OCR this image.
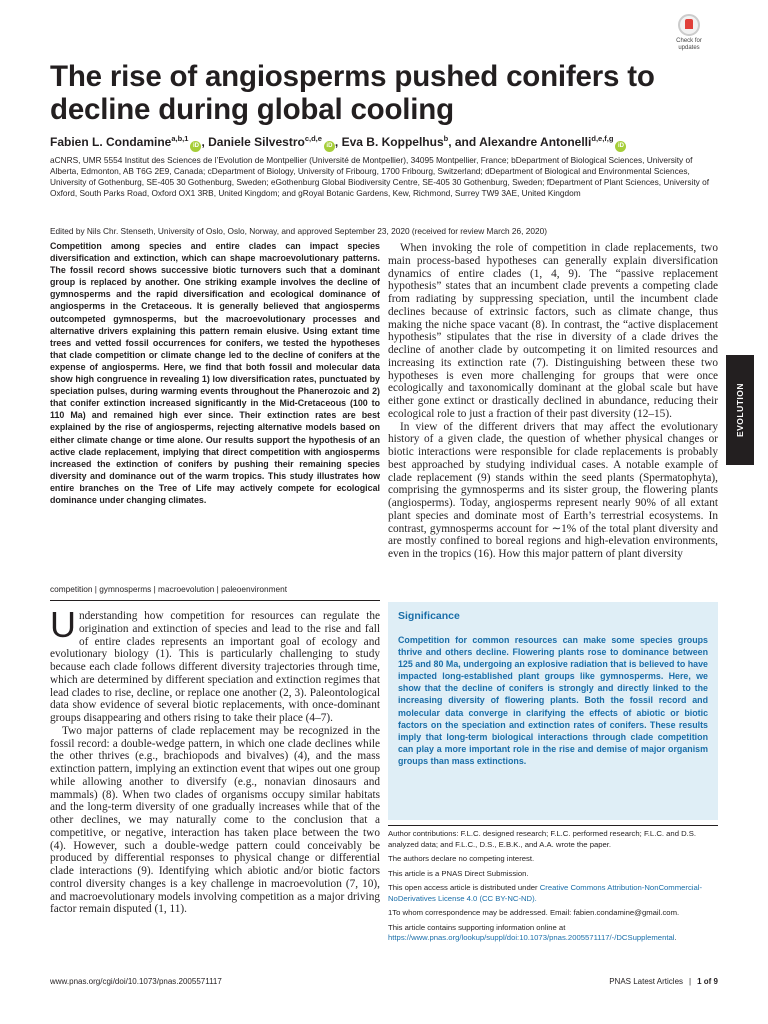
Check for
updates
The rise of angiosperms pushed conifers to decline during global cooling
Fabien L. Condamine$^{a,b,1}$iD , Daniele Silvestro$^{c,d,e}$iD , Eva B. Koppelhus$^b$, and Alexandre Antonelli$^{d,e,f,g}$iD
aCNRS, UMR 5554 Institut des Sciences de l’Evolution de Montpellier (Université de Montpellier), 34095 Montpellier, France; bDepartment of Biological Sciences, University of Alberta, Edmonton, AB T6G 2E9, Canada; cDepartment of Biology, University of Fribourg, 1700 Fribourg, Switzerland; dDepartment of Biological and Environmental Sciences, University of Gothenburg, SE-405 30 Gothenburg, Sweden; eGothenburg Global Biodiversity Centre, SE-405 30 Gothenburg, Sweden; fDepartment of Plant Sciences, University of Oxford, South Parks Road, Oxford OX1 3RB, United Kingdom; and gRoyal Botanic Gardens, Kew, Richmond, Surrey TW9 3AE, United Kingdom
Edited by Nils Chr. Stenseth, University of Oslo, Oslo, Norway, and approved September 23, 2020 (received for review March 26, 2020)
Competition among species and entire clades can impact species diversification and extinction, which can shape macroevolutionary patterns. The fossil record shows successive biotic turnovers such that a dominant group is replaced by another. One striking example involves the decline of gymnosperms and the rapid diversification and ecological dominance of angiosperms in the Cretaceous. It is generally believed that angiosperms outcompeted gymnosperms, but the macroevolutionary processes and alternative drivers explaining this pattern remain elusive. Using extant time trees and vetted fossil occurrences for conifers, we tested the hypotheses that clade competition or climate change led to the decline of conifers at the expense of angiosperms. Here, we find that both fossil and molecular data show high congruence in revealing 1) low diversification rates, punctuated by speciation pulses, during warming events throughout the Phanerozoic and 2) that conifer extinction increased significantly in the Mid-Cretaceous (100 to 110 Ma) and remained high ever since. Their extinction rates are best explained by the rise of angiosperms, rejecting alternative models based on either climate change or time alone. Our results support the hypothesis of an active clade replacement, implying that direct competition with angiosperms increased the extinction of conifers by pushing their remaining species diversity and dominance out of the warm tropics. This study illustrates how entire branches on the Tree of Life may actively compete for ecological dominance under changing climates.
competition | gymnosperms | macroevolution | paleoenvironment

Understanding how competition for resources can regulate the origination and extinction of species and lead to the rise and fall of entire clades represents an important goal of ecology and evolutionary biology (1). This is particularly challenging to study because each clade follows different diversity trajectories through time, which are determined by different speciation and extinction regimes that lead clades to rise, decline, or replace one another (2, 3). Paleontological data show evidence of several biotic replacements, with once-dominant groups disappearing and others rising to take their place (4–7).

Two major patterns of clade replacement may be recognized in the fossil record: a double-wedge pattern, in which one clade declines while the other thrives (e.g., brachiopods and bivalves) (4), and the mass extinction pattern, implying an extinction event that wipes out one group while allowing another to diversify (e.g., nonavian dinosaurs and mammals) (8). When two clades of organisms occupy similar habitats and the long-term diversity of one gradually increases while that of the other declines, we may naturally come to the conclusion that a competitive, or negative, interaction has taken place between the two (4). However, such a double-wedge pattern could conceivably be produced by differential responses to physical change or differential clade interactions (9). Identifying which abiotic and/or biotic factors control diversity changes is a key challenge in macroevolution (7, 10), and macroevolutionary models involving competition as a major driving factor remain disputed (1, 11).

When invoking the role of competition in clade replacements, two main process-based hypotheses can generally explain diversification dynamics of entire clades (1, 4, 9). The “passive replacement hypothesis” states that an incumbent clade prevents a competing clade from radiating by suppressing speciation, until the incumbent clade declines because of extrinsic factors, such as climate change, thus making the niche space vacant (8). In contrast, the “active displacement hypothesis” stipulates that the rise in diversity of a clade drives the decline of another clade by outcompeting it on limited resources and increasing its extinction rate (7). Distinguishing between these two hypotheses is even more challenging for groups that were once ecologically and taxonomically dominant at the global scale but have either gone extinct or drastically declined in abundance, reducing their ecological role to just a fraction of their past diversity (12–15).

In view of the different drivers that may affect the evolutionary history of a given clade, the question of whether physical changes or biotic interactions were responsible for clade replacements is probably best approached by studying individual cases. A notable example of clade replacement (9) stands within the seed plants (Spermatophyta), comprising the gymnosperms and its sister group, the flowering plants (angiosperms). Today, angiosperms represent nearly 90% of all extant plant species and dominate most of Earth’s terrestrial ecosystems. In contrast, gymnosperms account for ∼1% of the total plant diversity and are mostly confined to boreal regions and high-elevation environments, even in the tropics (16). How this major pattern of plant diversity

Significance
Competition for common resources can make some species groups thrive and others decline. Flowering plants rose to dominance between 125 and 80 Ma, undergoing an explosive radiation that is believed to have impacted long-established plant groups like gymnosperms. Here, we show that the decline of conifers is strongly and directly linked to the increasing diversity of flowering plants. Both the fossil record and molecular data converge in clarifying the effects of abiotic or biotic factors on the speciation and extinction rates of conifers. These results imply that long-term biological interactions through clade competition can play a more important role in the rise and demise of major organism groups than mass extinctions.
Author contributions: F.L.C. designed research; F.L.C. performed research; F.L.C. and D.S. analyzed data; and F.L.C., D.S., E.B.K., and A.A. wrote the paper.
The authors declare no competing interest.
This article is a PNAS Direct Submission.
This open access article is distributed under Creative Commons Attribution-NonCommercial-NoDerivatives License 4.0 (CC BY-NC-ND).
1To whom correspondence may be addressed. Email: fabien.condamine@gmail.com.
This article contains supporting information online at https://www.pnas.org/lookup/suppl/doi:10.1073/pnas.2005571117/-/DCSupplemental.
EVOLUTION
www.pnas.org/cgi/doi/10.1073/pnas.2005571117	PNAS Latest Articles | 1 of 9
